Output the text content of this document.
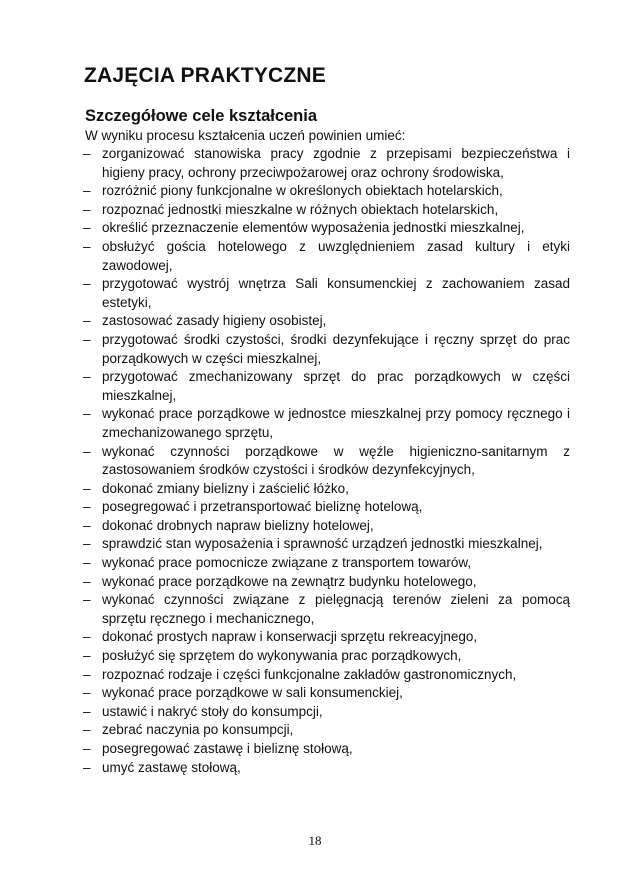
ZAJĘCIA PRAKTYCZNE
Szczegółowe cele kształcenia

W wyniku procesu kształcenia uczeń powinien umieć:

– zorganizować stanowiska pracy zgodnie z przepisami bezpieczeństwa i higieny pracy, ochrony przeciwpożarowej oraz ochrony środowiska,
– rozróżnić piony funkcjonalne w określonych obiektach hotelarskich,
– rozpoznać jednostki mieszkalne w różnych obiektach hotelarskich,
– określić przeznaczenie elementów wyposażenia jednostki mieszkalnej,
– obsłużyć gościa hotelowego z uwzględnieniem zasad kultury i etyki zawodowej,
– przygotować wystrój wnętrza Sali konsumenckiej z zachowaniem zasad estetyki,
– zastosować zasady higieny osobistej,
– przygotować środki czystości, środki dezynfekujące i ręczny sprzęt do prac porządkowych w części mieszkalnej,
– przygotować zmechanizowany sprzęt do prac porządkowych w części mieszkalnej,
– wykonać prace porządkowe w jednostce mieszkalnej przy pomocy ręcznego i zmechanizowanego sprzętu,
– wykonać czynności porządkowe w węźle higieniczno-sanitarnym z zastosowaniem środków czystości i środków dezynfekcyjnych,
– dokonać zmiany bielizny i zaścielić łóżko,
– posegregować i przetransportować bieliznę hotelową,
– dokonać drobnych napraw bielizny hotelowej,
– sprawdzić stan wyposażenia i sprawność urządzeń jednostki mieszkalnej,
– wykonać prace pomocnicze związane z transportem towarów,
– wykonać prace porządkowe na zewnątrz budynku hotelowego,
– wykonać czynności związane z pielęgnacją terenów zieleni za pomocą sprzętu ręcznego i mechanicznego,
– dokonać prostych napraw i konserwacji sprzętu rekreacyjnego,
– posłużyć się sprzętem do wykonywania prac porządkowych,
– rozpoznać rodzaje i części funkcjonalne zakładów gastronomicznych,
– wykonać prace porządkowe w sali konsumenckiej,
– ustawić i nakryć stoły do konsumpcji,
– zebrać naczynia po konsumpcji,
– posegregować zastawę i bieliznę stołową,
– umyć zastawę stołową,
18
